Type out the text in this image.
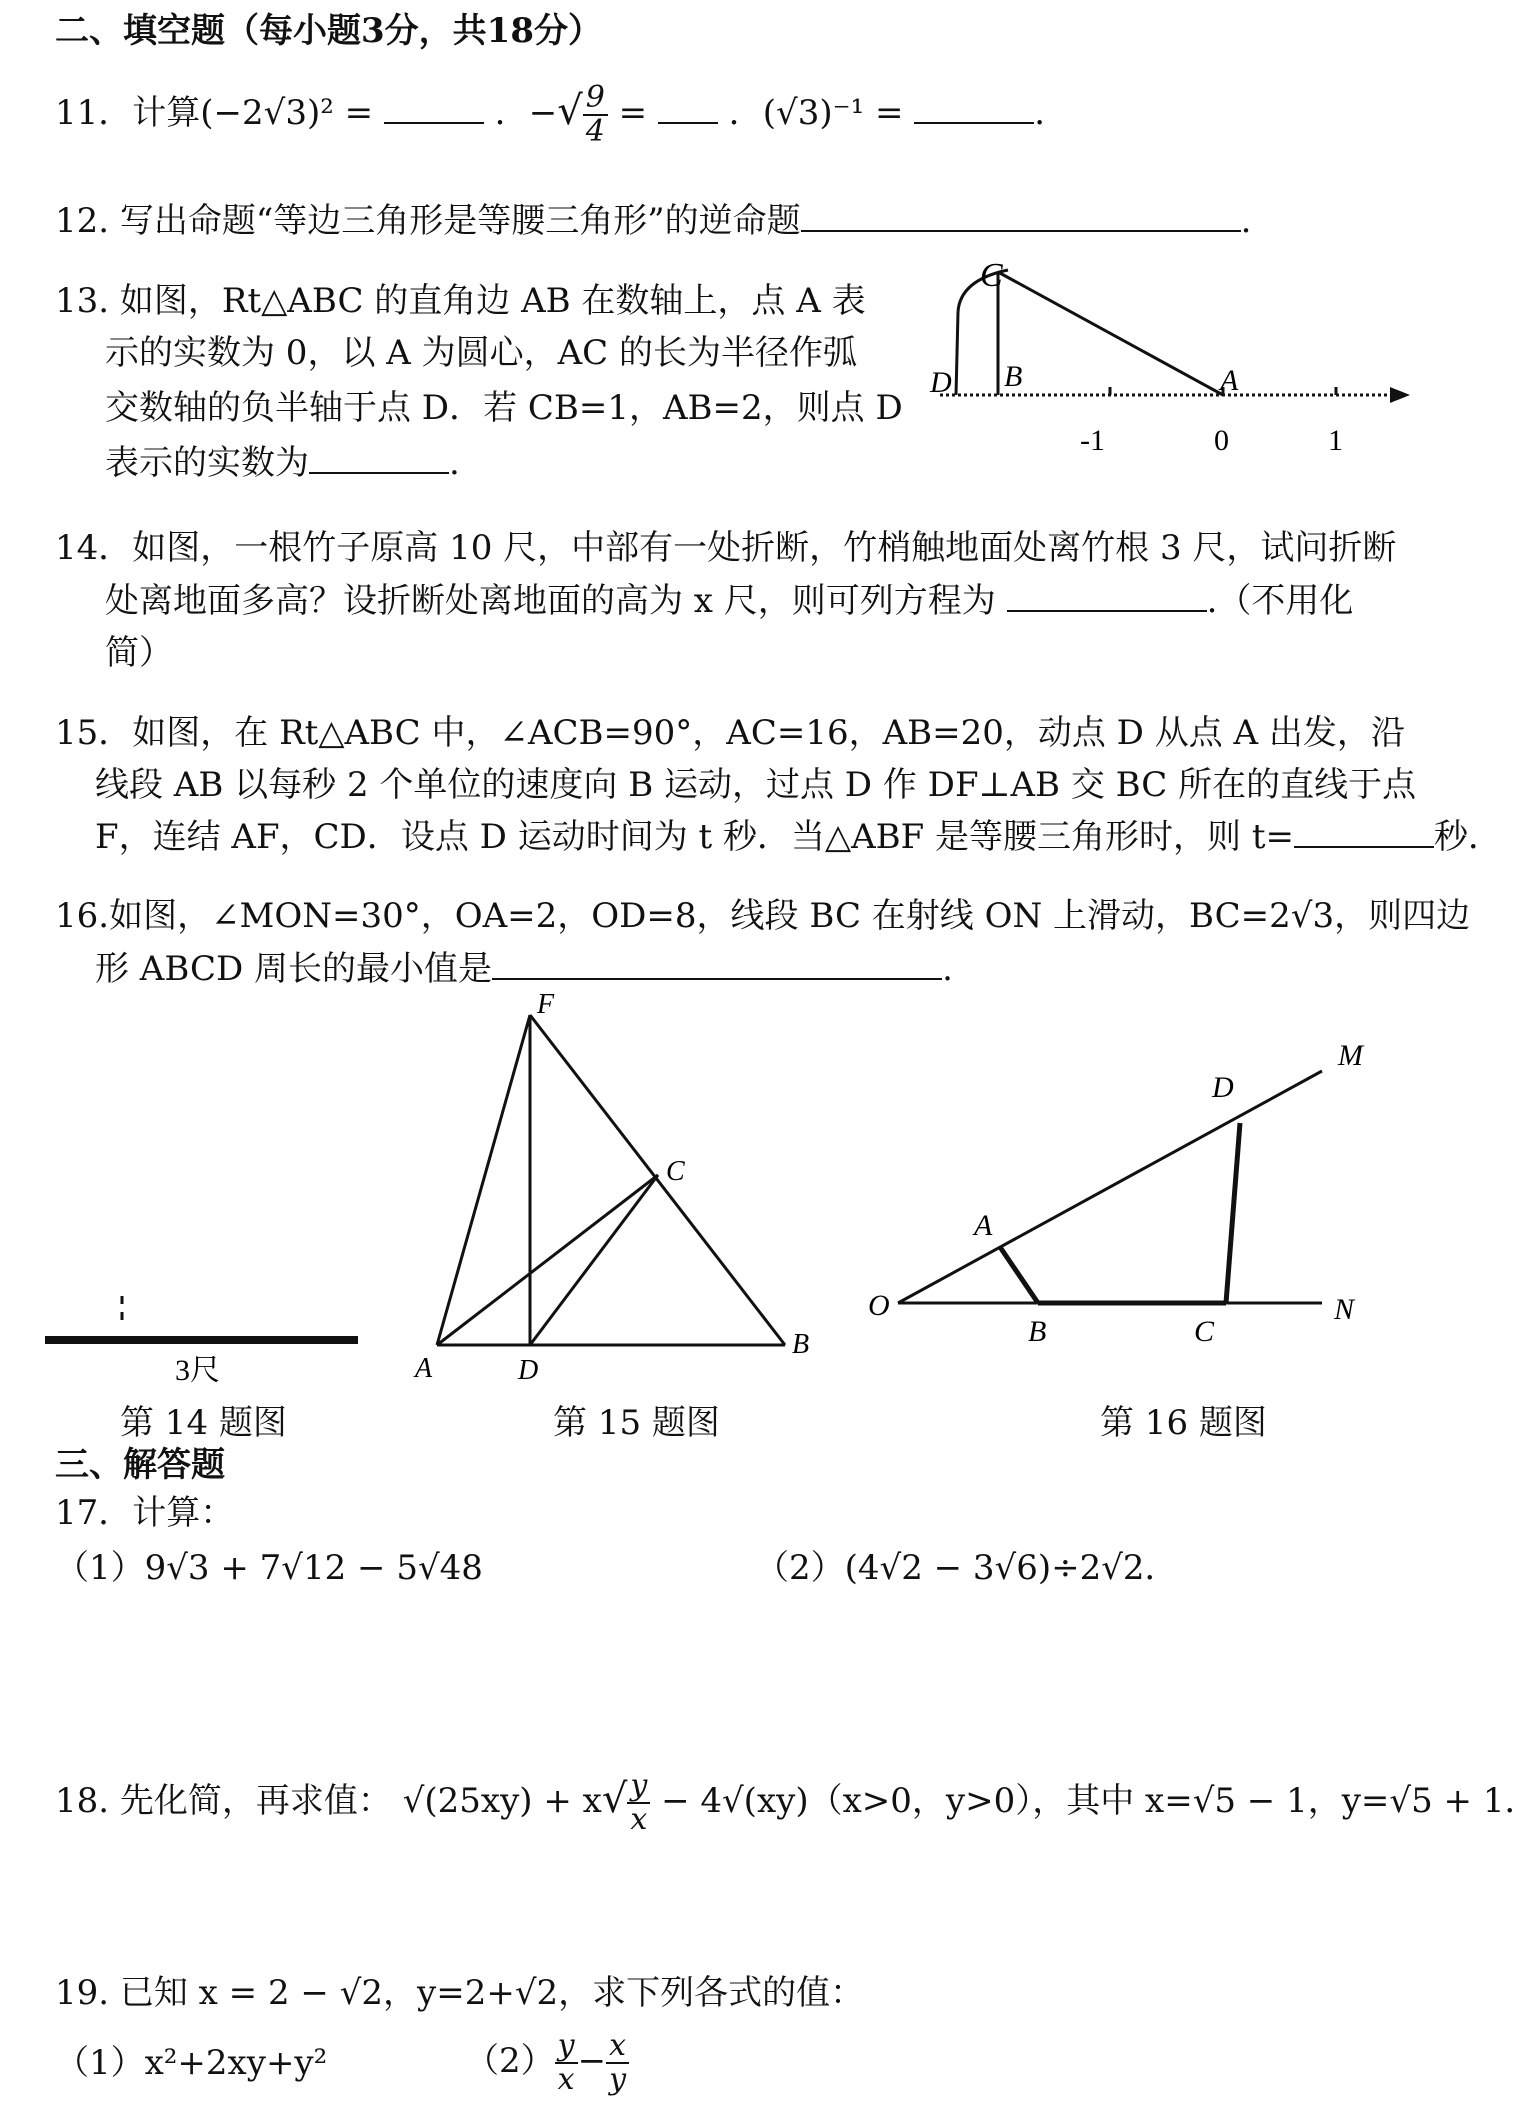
二、填空题（每小题3分，共18分）
11．计算(−2√3)² =	．−√ $\frac{9}{4}$ = ．(√3)⁻¹ =	．
12. 写出命题“等边三角形是等腰三角形”的逆命题	.
13. 如图，Rt△ABC 的直角边 AB 在数轴上，点 A 表
示的实数为 0，以 A 为圆心，AC 的长为半径作弧
交数轴的负半轴于点 D．若 CB=1，AB=2，则点 D
表示的实数为	.
C
D B	A
-1	0	1
14．如图，一根竹子原高 10 尺，中部有一处折断，竹梢触地面处离竹根 3 尺，试问折断
处离地面多高？设折断处离地面的高为 x 尺，则可列方程为	.（不用化
简）
15．如图，在 Rt△ABC 中，∠ACB=90°，AC=16，AB=20，动点 D 从点 A 出发，沿
线段 AB 以每秒 2 个单位的速度向 B 运动，过点 D 作 DF⊥AB 交 BC 所在的直线于点
F，连结 AF，CD．设点 D 运动时间为 t 秒．当△ABF 是等腰三角形时，则 t=	秒．
16.如图，∠MON=30°，OA=2，OD=8，线段 BC 在射线 ON 上滑动，BC=2√3，则四边
形 ABCD 周长的最小值是	.
3尺
第 14 题图
F
C
A	D
B
第 15 题图
M
D
A
O
B	C
N
第 16 题图
三、解答题
17．计算：
（1）9√3 + 7√12 − 5√48	（2）(4√2 − 3√6)÷2√2．
18. 先化简，再求值： $√(25xy) + x√ \frac{y}{x} - 4√(xy)(x>0$，y>0），其中 x=√5 − 1，y=√5 + 1．
19. 已知 x = 2 − √2，y=2+√2，求下列各式的值：
（1）x²+2xy+y²	$(2) \frac{y}{x} - \frac{x}{y}$
